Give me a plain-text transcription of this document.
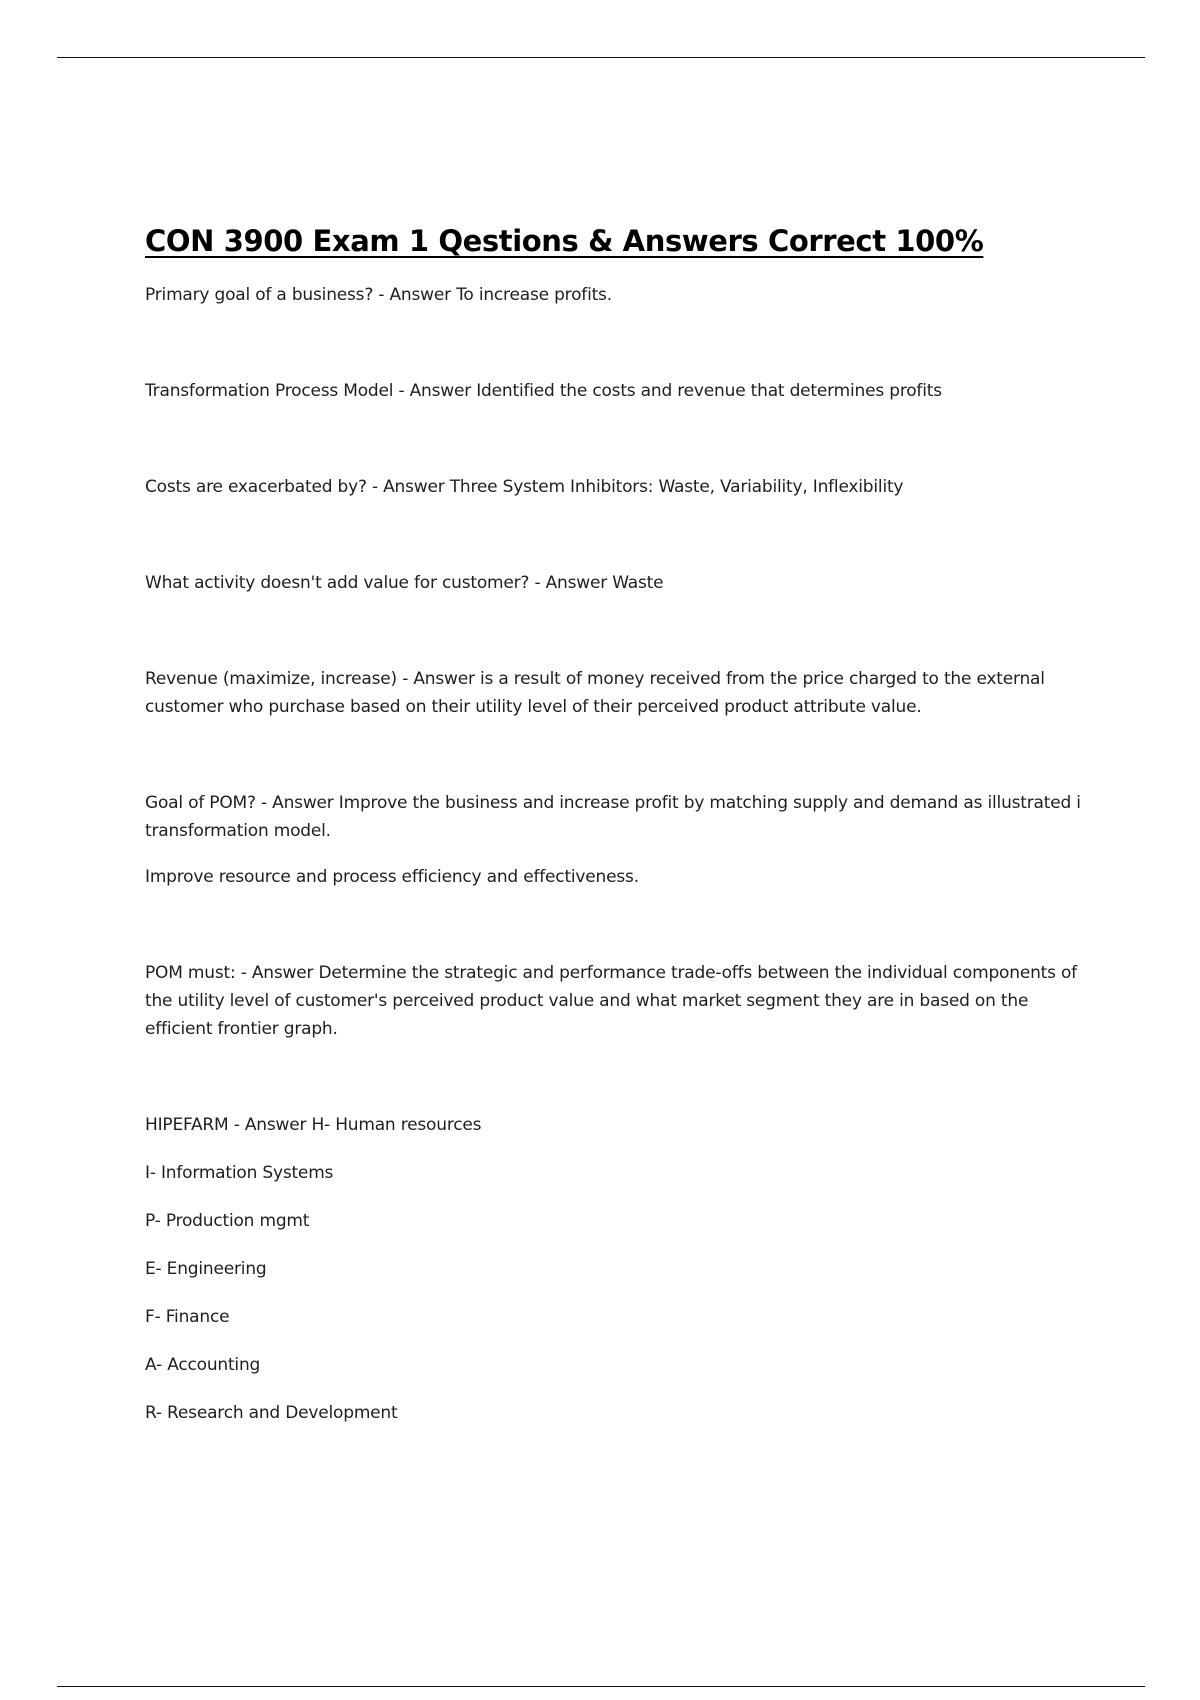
CON 3900 Exam 1 Qestions & Answers Correct 100%

Primary goal of a business? - Answer To increase profits.

Transformation Process Model - Answer Identified the costs and revenue that determines profits

Costs are exacerbated by? - Answer Three System Inhibitors: Waste, Variability, Inflexibility

What activity doesn't add value for customer? - Answer Waste

Revenue (maximize, increase) - Answer is a result of money received from the price charged to the external customer who purchase based on their utility level of their perceived product attribute value.

Goal of POM? - Answer Improve the business and increase profit by matching supply and demand as illustrated i transformation model.

Improve resource and process efficiency and effectiveness.

POM must: - Answer Determine the strategic and performance trade-offs between the individual components of the utility level of customer's perceived product value and what market segment they are in based on the efficient frontier graph.

HIPEFARM - Answer H- Human resources

I- Information Systems

P- Production mgmt

E- Engineering

F- Finance

A- Accounting

R- Research and Development
